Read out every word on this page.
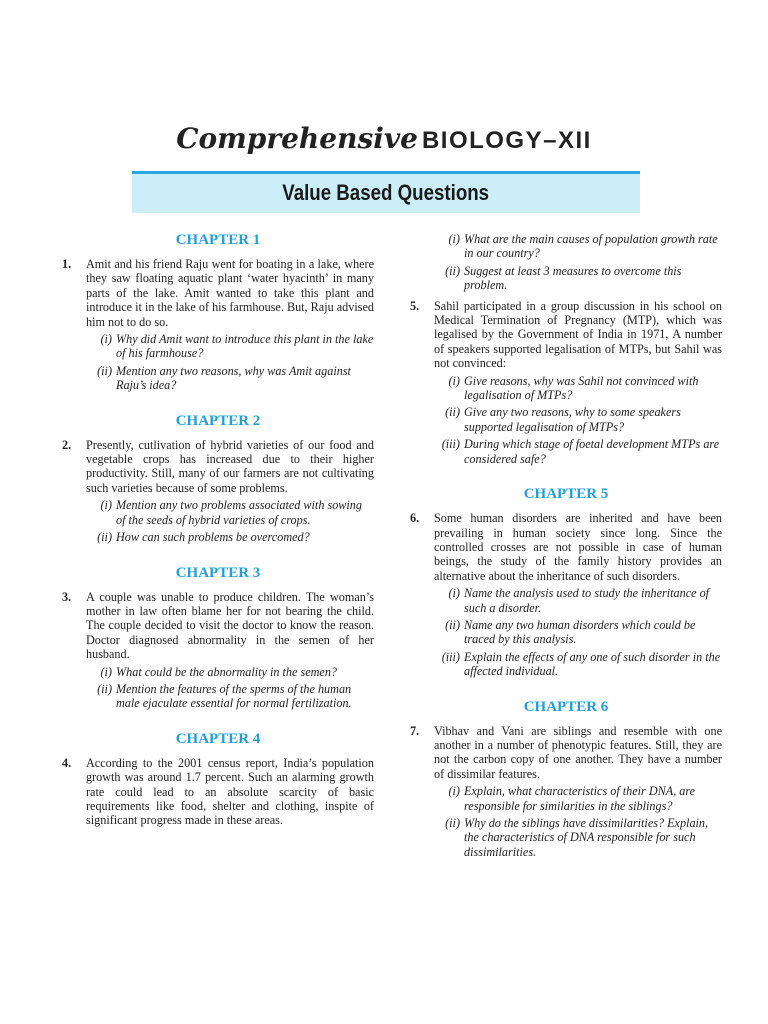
Comprehensive BIOLOGY–XII
Value Based Questions
CHAPTER 1
1. Amit and his friend Raju went for boating in a lake, where they saw floating aquatic plant ‘water hyacinth’ in many parts of the lake. Amit wanted to take this plant and introduce it in the lake of his farmhouse. But, Raju advised him not to do so.
(i) Why did Amit want to introduce this plant in the lake of his farmhouse?
(ii) Mention any two reasons, why was Amit against Raju’s idea?
CHAPTER 2
2. Presently, cutlivation of hybrid varieties of our food and vegetable crops has increased due to their higher productivity. Still, many of our farmers are not cultivating such varieties because of some problems.
(i) Mention any two problems associated with sowing of the seeds of hybrid varieties of crops.
(ii) How can such problems be overcomed?
CHAPTER 3
3. A couple was unable to produce children. The woman’s mother in law often blame her for not bearing the child. The couple decided to visit the doctor to know the reason. Doctor diagnosed abnormality in the semen of her husband.
(i) What could be the abnormality in the semen?
(ii) Mention the features of the sperms of the human male ejaculate essential for normal fertilization.
CHAPTER 4
4. According to the 2001 census report, India’s population growth was around 1.7 percent. Such an alarming growth rate could lead to an absolute scarcity of basic requirements like food, shelter and clothing, inspite of significant progress made in these areas.
(i) What are the main causes of population growth rate in our country?
(ii) Suggest at least 3 measures to overcome this problem.
5. Sahil participated in a group discussion in his school on Medical Termination of Pregnancy (MTP), which was legalised by the Government of India in 1971, A number of speakers supported legalisation of MTPs, but Sahil was not convinced:
(i) Give reasons, why was Sahil not convinced with legalisation of MTPs?
(ii) Give any two reasons, why to some speakers supported legalisation of MTPs?
(iii) During which stage of foetal development MTPs are considered safe?
CHAPTER 5
6. Some human disorders are inherited and have been prevailing in human society since long. Since the controlled crosses are not possible in case of human beings, the study of the family history provides an alternative about the inheritance of such disorders.
(i) Name the analysis used to study the inheritance of such a disorder.
(ii) Name any two human disorders which could be traced by this analysis.
(iii) Explain the effects of any one of such disorder in the affected individual.
CHAPTER 6
7. Vibhav and Vani are siblings and resemble with one another in a number of phenotypic features. Still, they are not the carbon copy of one another. They have a number of dissimilar features.
(i) Explain, what characteristics of their DNA, are responsible for similarities in the siblings?
(ii) Why do the siblings have dissimilarities? Explain, the characteristics of DNA responsible for such dissimilarities.
